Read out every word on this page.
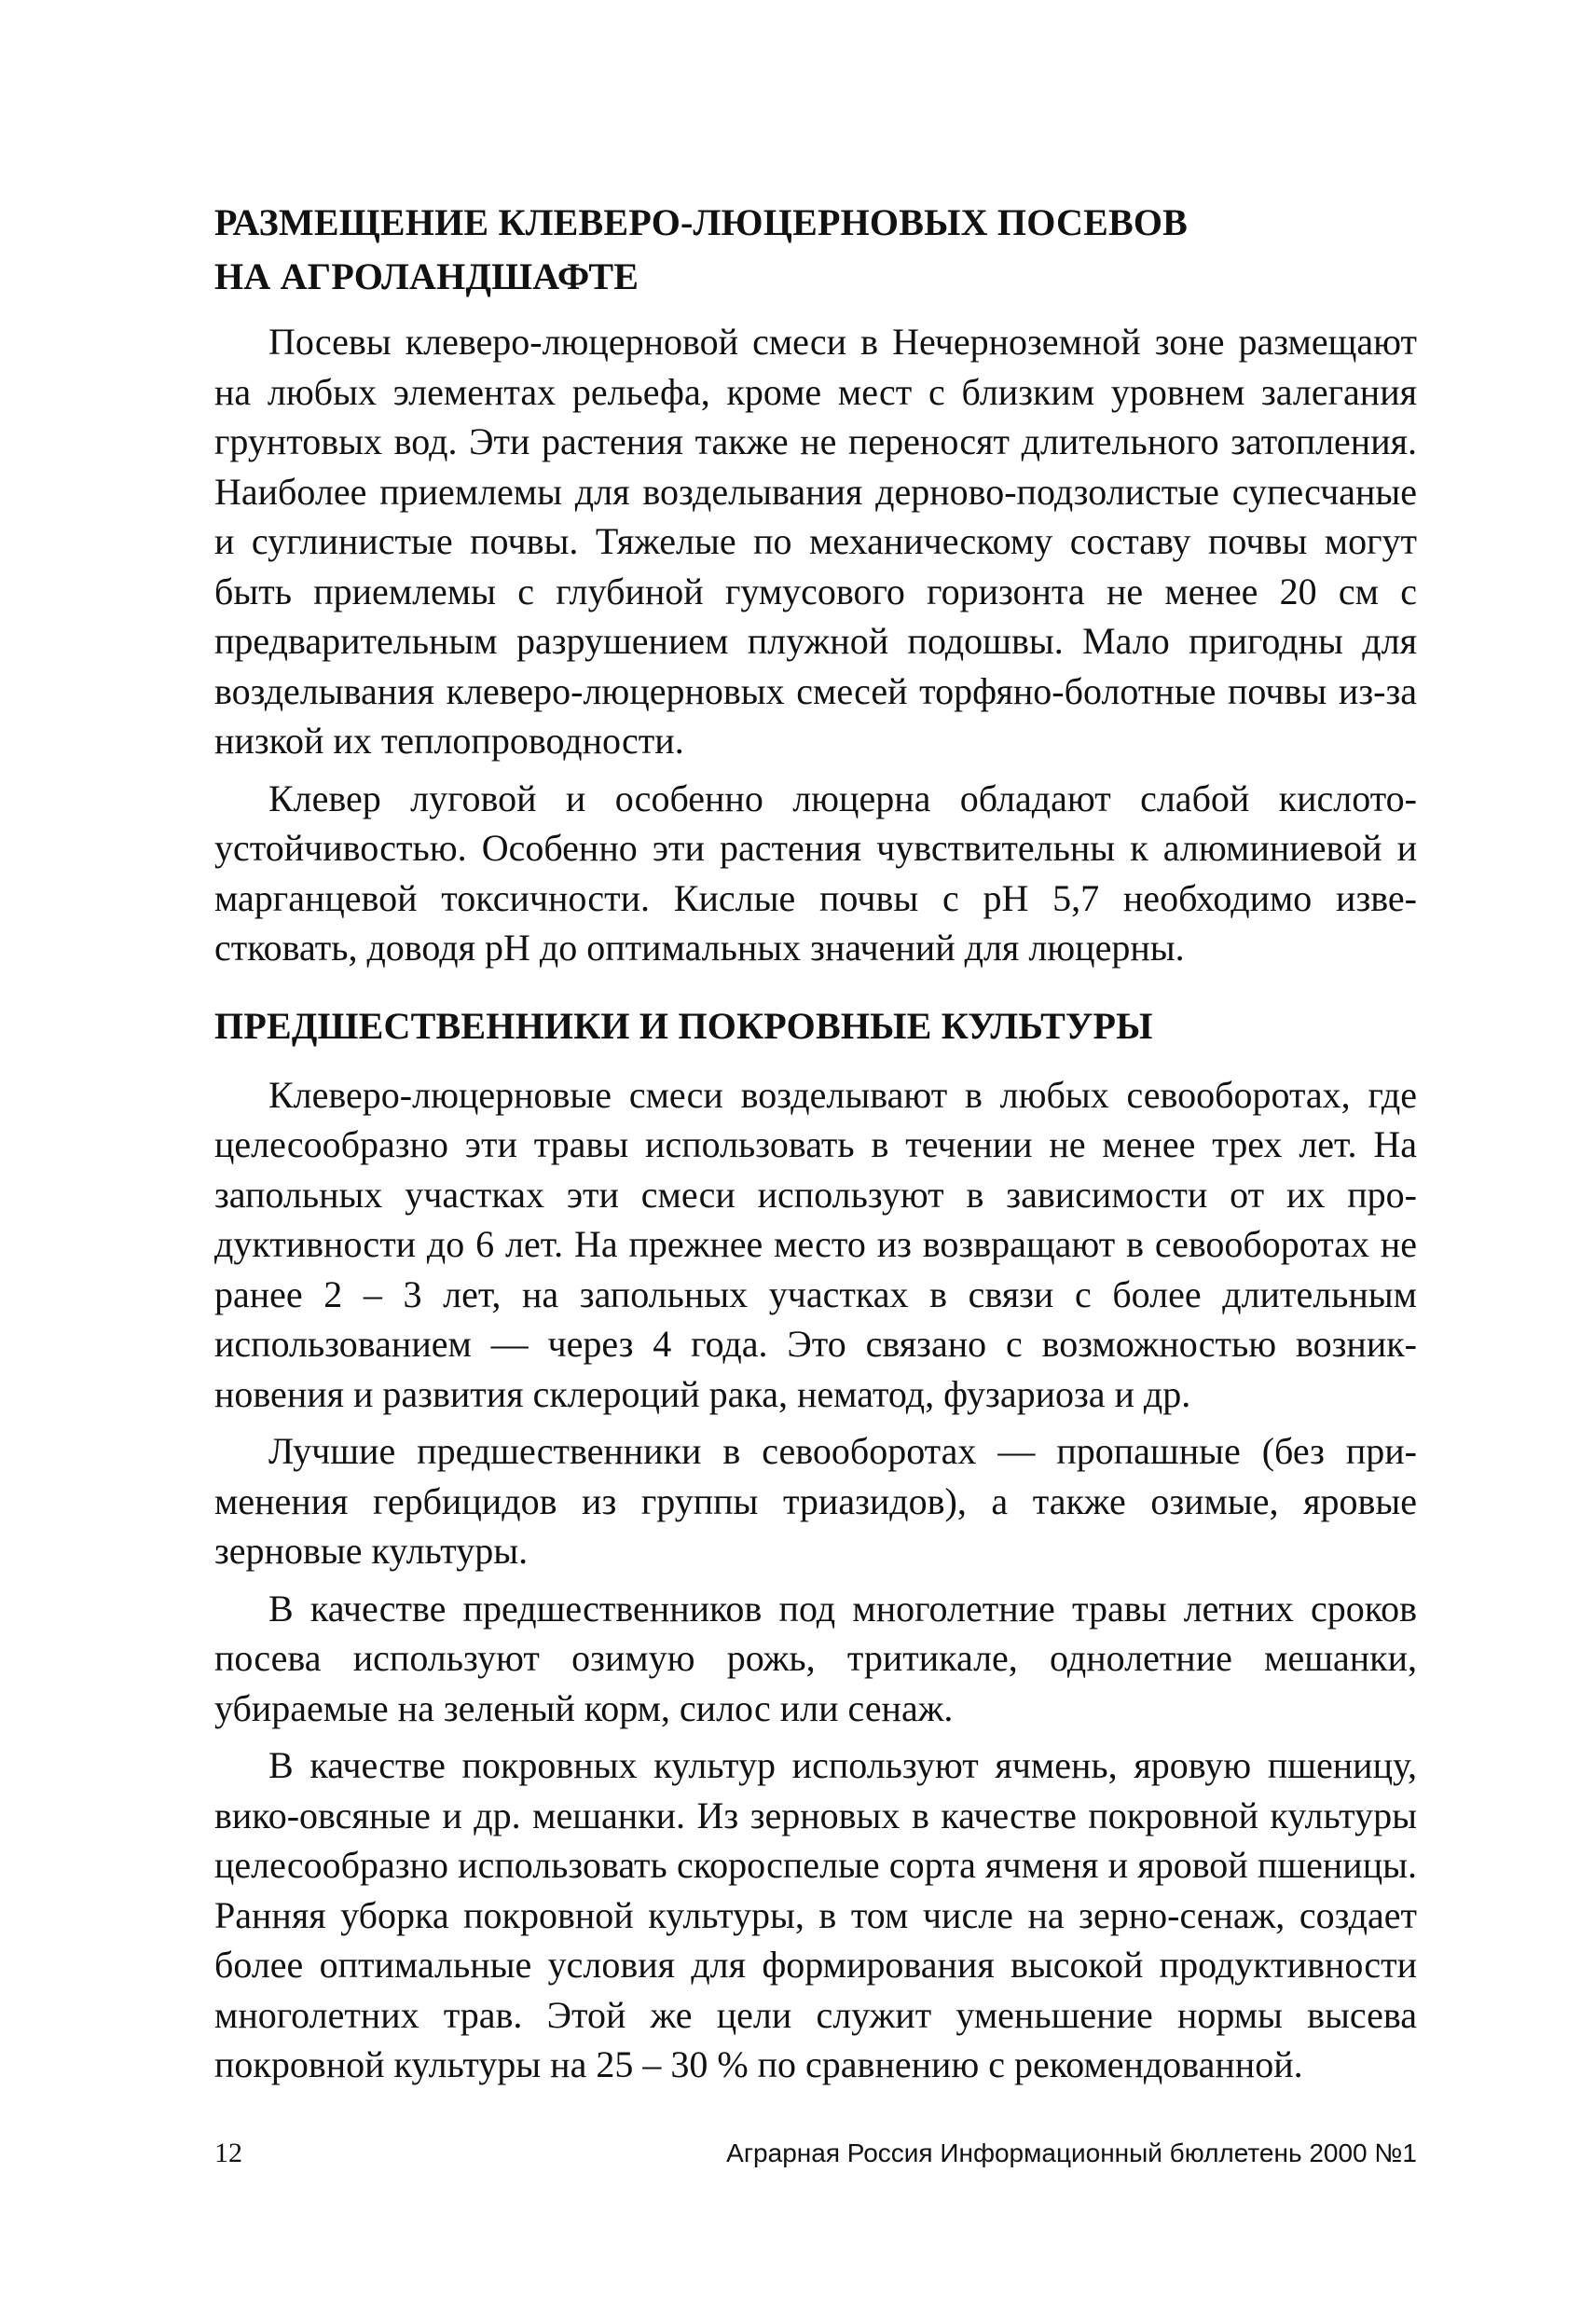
РАЗМЕЩЕНИЕ КЛЕВЕРО-ЛЮЦЕРНОВЫХ ПОСЕВОВ
НА АГРОЛАНДШАФТЕ

Посевы клеверо-люцерновой смеси в Нечерноземной зоне размещают на любых элементах рельефа, кроме мест с близким уровнем залегания грунтовых вод. Эти растения также не переносят длительного затопления. Наиболее приемлемы для возделывания дерново-подзолистые супесчаные и суглинистые почвы. Тяжелые по механическому составу почвы могут быть приемлемы с глубиной гумусового горизонта не менее 20 см с предварительным разрушением плужной подошвы. Мало пригодны для возделывания клеверо-люцерновых смесей торфяно-болотные почвы из-за низкой их теплопроводности.

Клевер луговой и особенно люцерна обладают слабой кислотоустойчивостью. Особенно эти растения чувствительны к алюминиевой и марганцевой токсичности. Кислые почвы с pH 5,7 необходимо известковать, доводя pH до оптимальных значений для люцерны.

ПРЕДШЕСТВЕННИКИ И ПОКРОВНЫЕ КУЛЬТУРЫ

Клеверо-люцерновые смеси возделывают в любых севооборотах, где целесообразно эти травы использовать в течении не менее трех лет. На запольных участках эти смеси используют в зависимости от их продуктивности до 6 лет. На прежнее место из возвращают в севооборотах не ранее 2 – 3 лет, на запольных участках в связи с более длительным использованием — через 4 года. Это связано с возможностью возникновения и развития склероций рака, нематод, фузариоза и др.

Лучшие предшественники в севооборотах — пропашные (без применения гербицидов из группы триазидов), а также озимые, яровые зерновые культуры.

В качестве предшественников под многолетние травы летних сроков посева используют озимую рожь, тритикале, однолетние мешанки, убираемые на зеленый корм, силос или сенаж.

В качестве покровных культур используют ячмень, яровую пшеницу, вико-овсяные и др. мешанки. Из зерновых в качестве покровной культуры целесообразно использовать скороспелые сорта ячменя и яровой пшеницы. Ранняя уборка покровной культуры, в том числе на зерно-сенаж, создает более оптимальные условия для формирования высокой продуктивности многолетних трав. Этой же цели служит уменьшение нормы высева покровной культуры на 25 – 30 % по сравнению с рекомендованной.

12	Аграрная Россия Информационный бюллетень 2000 №1
